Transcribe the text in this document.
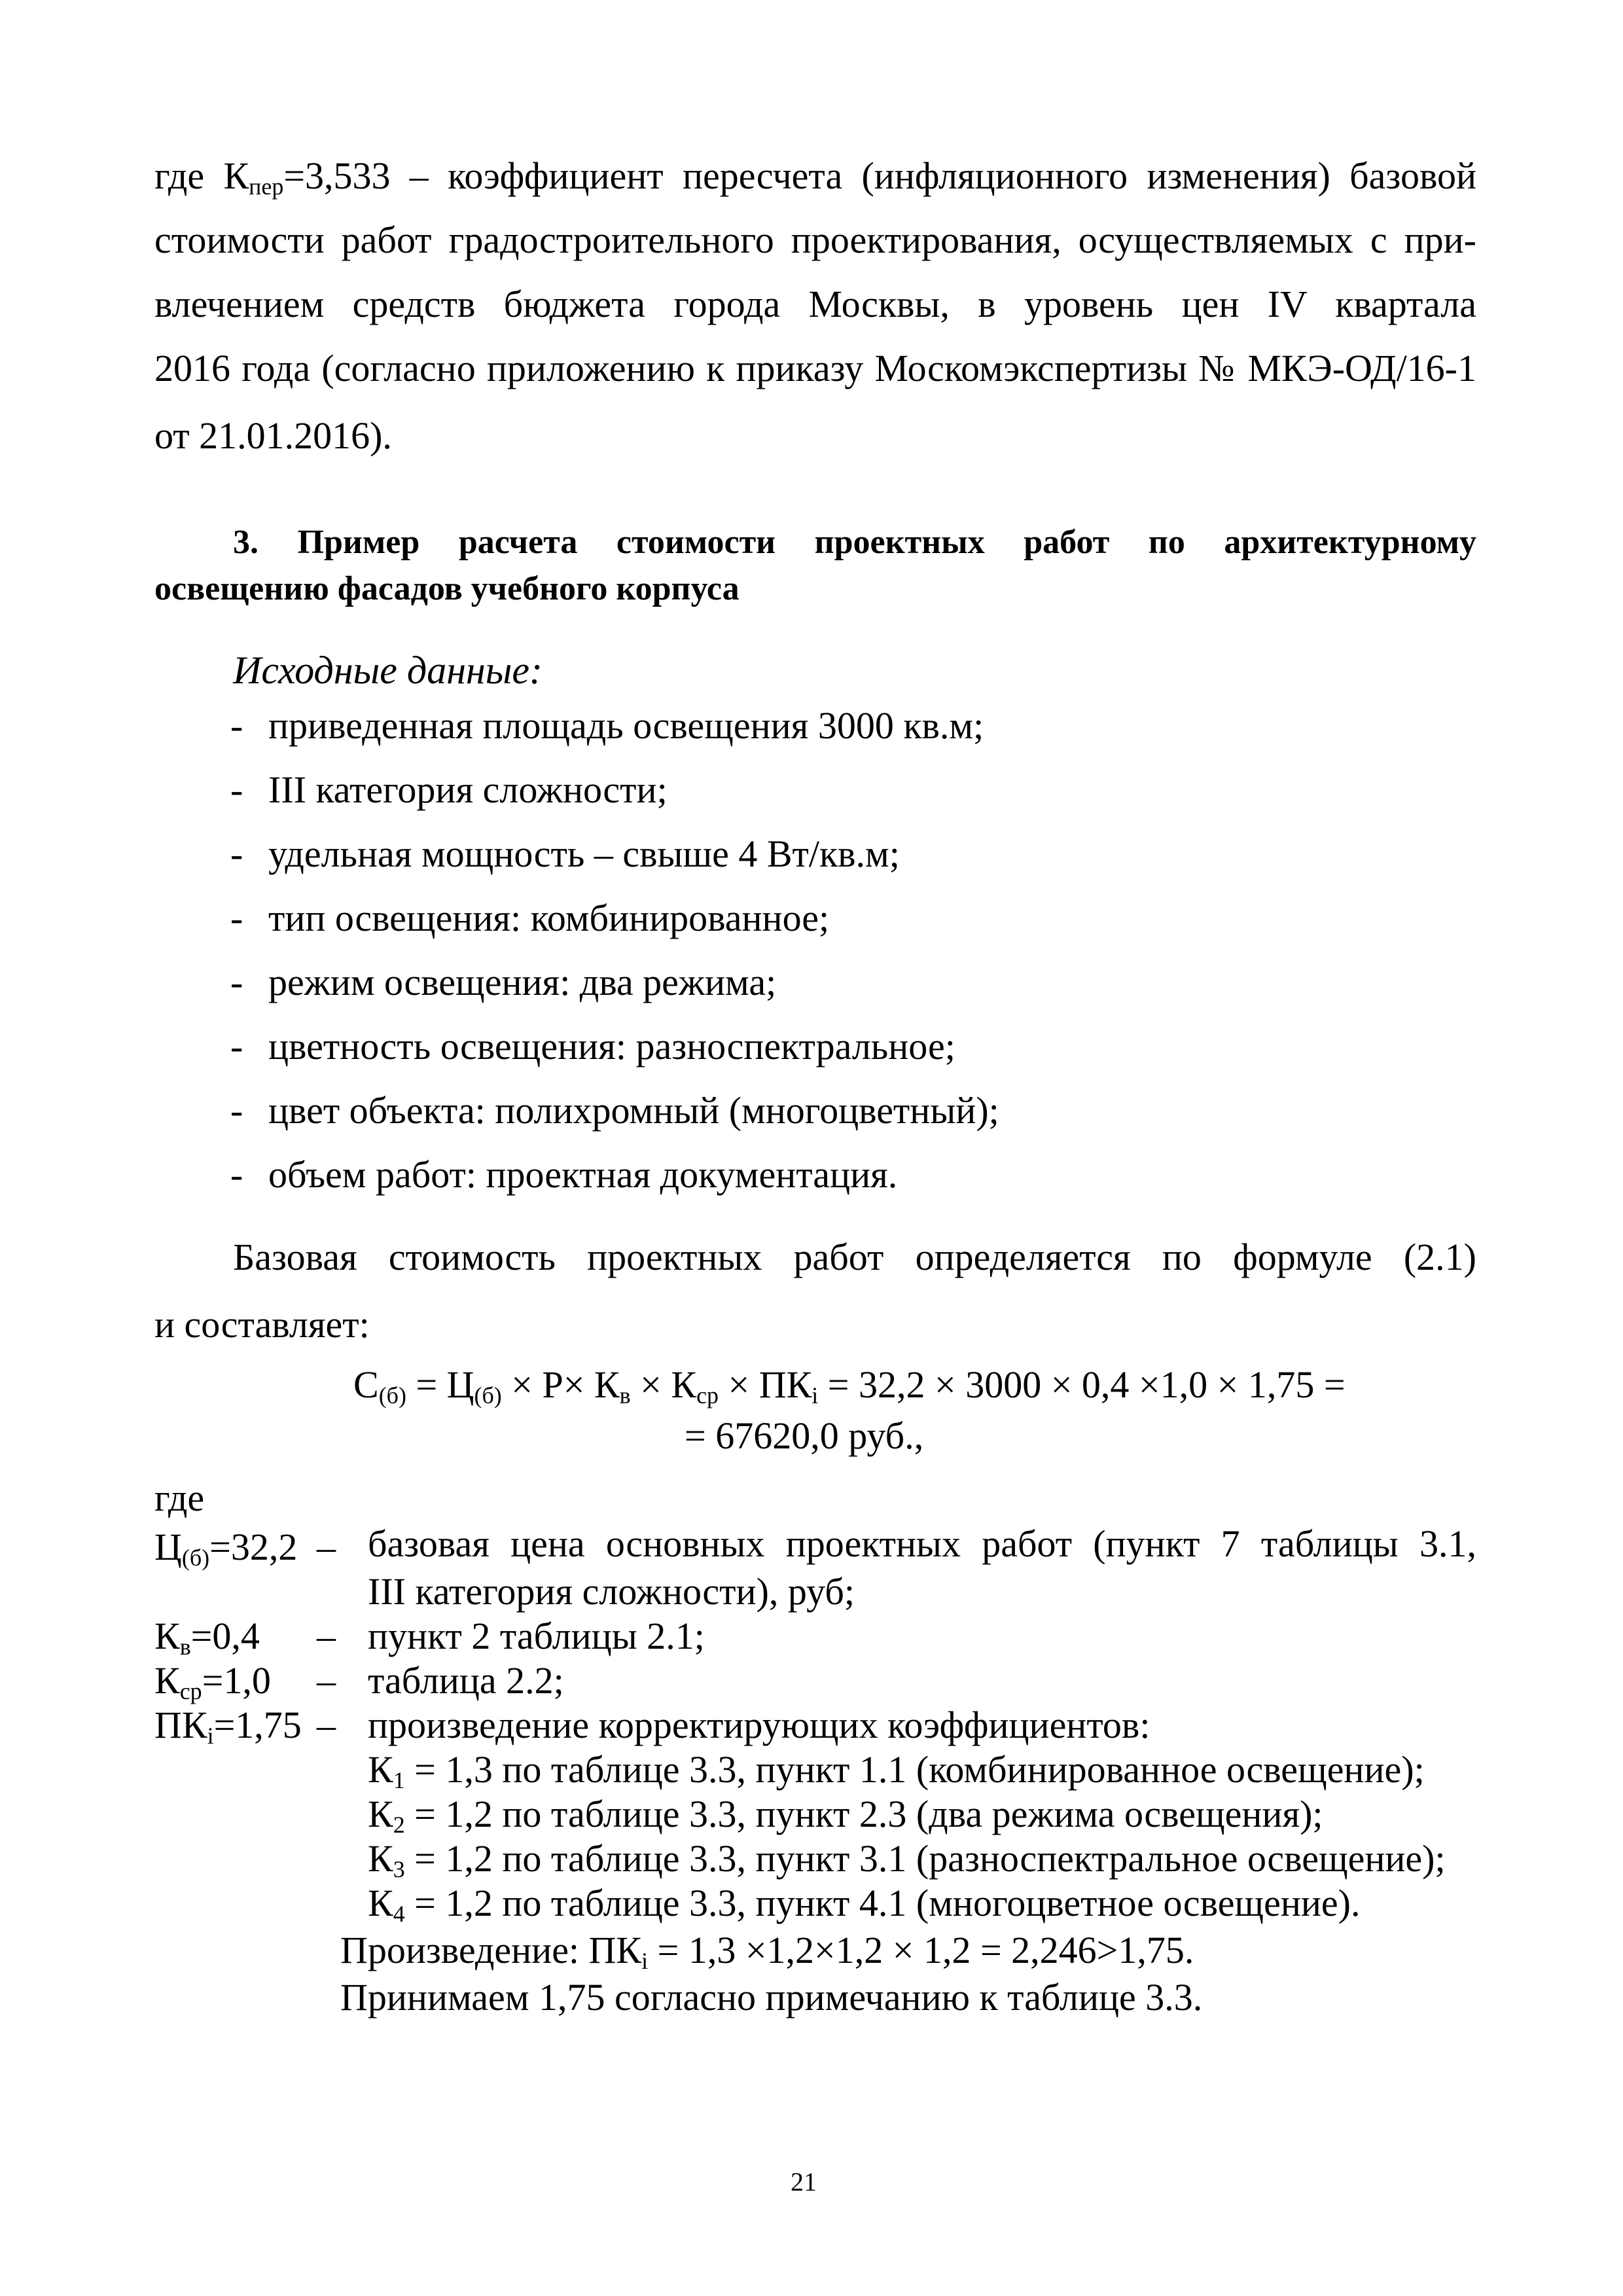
где $К_{пер}=3,533$ – коэффициент пересчета (инфляционного изменения) базовой
стоимости работ градостроительного проектирования, осуществляемых с при-
влечением средств бюджета города Москвы, в уровень цен IV квартала
2016 года (согласно приложению к приказу Москомэкспертизы № МКЭ-ОД/16-1
от 21.01.2016).
3. Пример расчета стоимости проектных работ по архитектурному
освещению фасадов учебного корпуса
Исходные данные:
- приведенная площадь освещения 3000 кв.м;
- III категория сложности;
- удельная мощность – свыше 4 Вт/кв.м;
- тип освещения: комбинированное;
- режим освещения: два режима;
- цветность освещения: разноспектральное;
- цвет объекта: полихромный (многоцветный);
- объем работ: проектная документация.
Базовая стоимость проектных работ определяется по формуле (2.1)
и составляет:
$С_{(б)} = Ц_{(б)} \times Р\times К_в \times К_{ср} \times ПК_i = 32,2 \times 3000 \times 0,4 \times 1,0 \times 1,75$ =
= 67620,0 руб.,
где
$Ц_{(б)}=32,2$ – базовая цена основных проектных работ (пункт 7 таблицы 3.1,
III категория сложности), руб;
$К_в=0,4$ – пункт 2 таблицы 2.1;
$К_{ср}=1,0$ – таблица 2.2;
$ПК_i=1,75$ – произведение корректирующих коэффициентов:
$К_1 = 1,3$ по таблице 3.3, пункт 1.1 (комбинированное освещение);
$К_2 = 1,2$ по таблице 3.3, пункт 2.3 (два режима освещения);
$К_3 = 1,2$ по таблице 3.3, пункт 3.1 (разноспектральное освещение);
$К_4 = 1,2$ по таблице 3.3, пункт 4.1 (многоцветное освещение).
Произведение: $ПК_i = 1,3 \times 1,2\times 1,2 \times 1,2 = 2,246>1,75$.
Принимаем 1,75 согласно примечанию к таблице 3.3.
21
